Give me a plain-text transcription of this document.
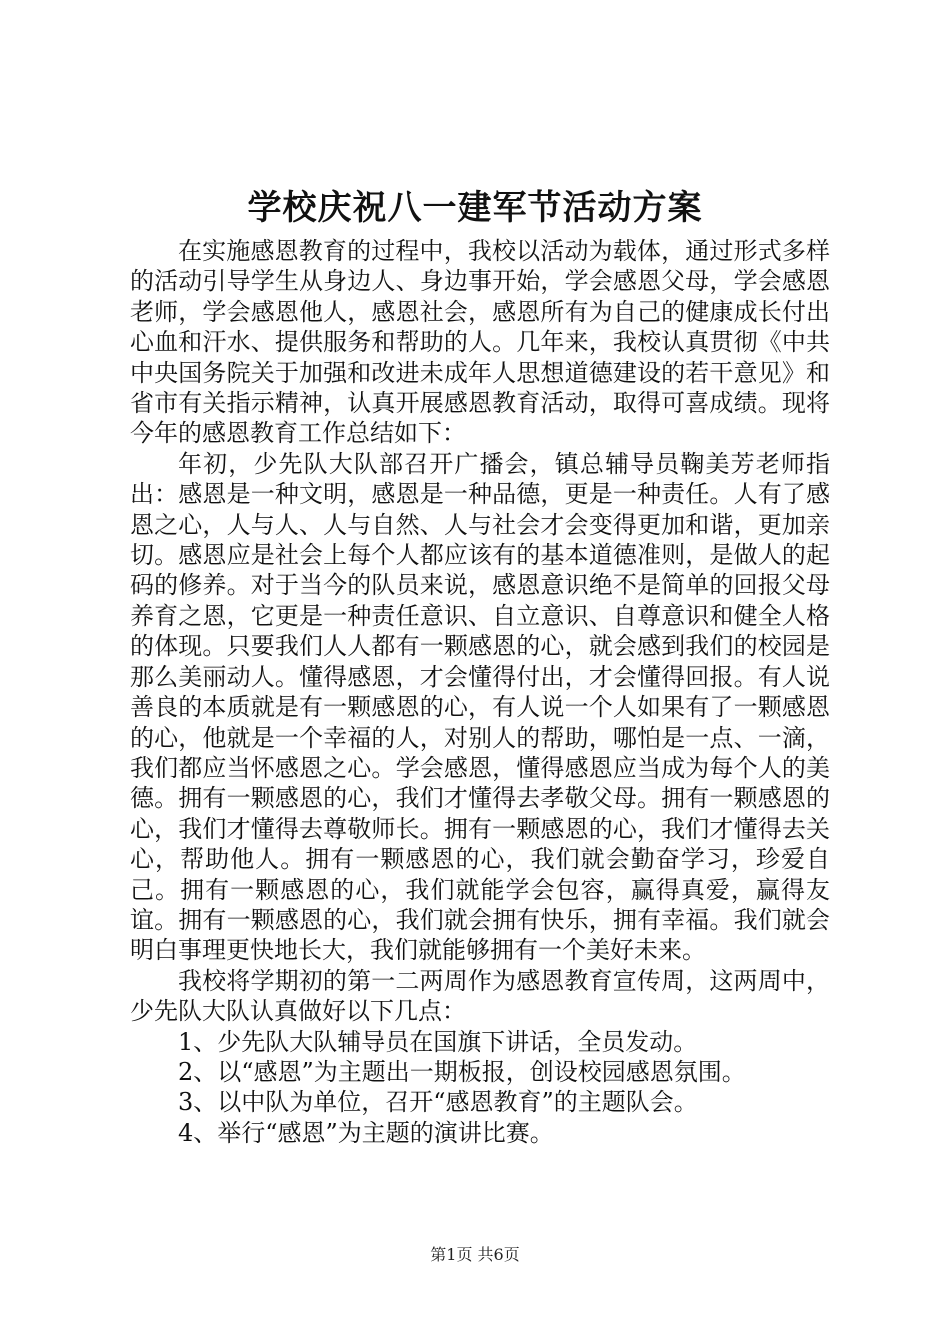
学校庆祝八一建军节活动方案

在实施感恩教育的过程中，我校以活动为载体，通过形式多样的活动引导学生从身边人、身边事开始，学会感恩父母，学会感恩老师，学会感恩他人，感恩社会，感恩所有为自己的健康成长付出心血和汗水、提供服务和帮助的人。几年来，我校认真贯彻《中共中央国务院关于加强和改进未成年人思想道德建设的若干意见》和省市有关指示精神，认真开展感恩教育活动，取得可喜成绩。现将今年的感恩教育工作总结如下：

年初，少先队大队部召开广播会，镇总辅导员鞠美芳老师指出：感恩是一种文明，感恩是一种品德，更是一种责任。人有了感恩之心，人与人、人与自然、人与社会才会变得更加和谐，更加亲切。感恩应是社会上每个人都应该有的基本道德准则，是做人的起码的修养。对于当今的队员来说，感恩意识绝不是简单的回报父母养育之恩，它更是一种责任意识、自立意识、自尊意识和健全人格的体现。只要我们人人都有一颗感恩的心，就会感到我们的校园是那么美丽动人。懂得感恩，才会懂得付出，才会懂得回报。有人说善良的本质就是有一颗感恩的心，有人说一个人如果有了一颗感恩的心，他就是一个幸福的人，对别人的帮助，哪怕是一点、一滴，我们都应当怀感恩之心。学会感恩，懂得感恩应当成为每个人的美德。拥有一颗感恩的心，我们才懂得去孝敬父母。拥有一颗感恩的心，我们才懂得去尊敬师长。拥有一颗感恩的心，我们才懂得去关心，帮助他人。拥有一颗感恩的心，我们就会勤奋学习，珍爱自己。拥有一颗感恩的心，我们就能学会包容，赢得真爱，赢得友谊。拥有一颗感恩的心，我们就会拥有快乐，拥有幸福。我们就会明白事理更快地长大，我们就能够拥有一个美好未来。

我校将学期初的第一二两周作为感恩教育宣传周，这两周中，少先队大队认真做好以下几点：

1、少先队大队辅导员在国旗下讲话，全员发动。

2、以“感恩”为主题出一期板报，创设校园感恩氛围。

3、以中队为单位，召开“感恩教育”的主题队会。

4、举行“感恩”为主题的演讲比赛。

第1页 共6页
